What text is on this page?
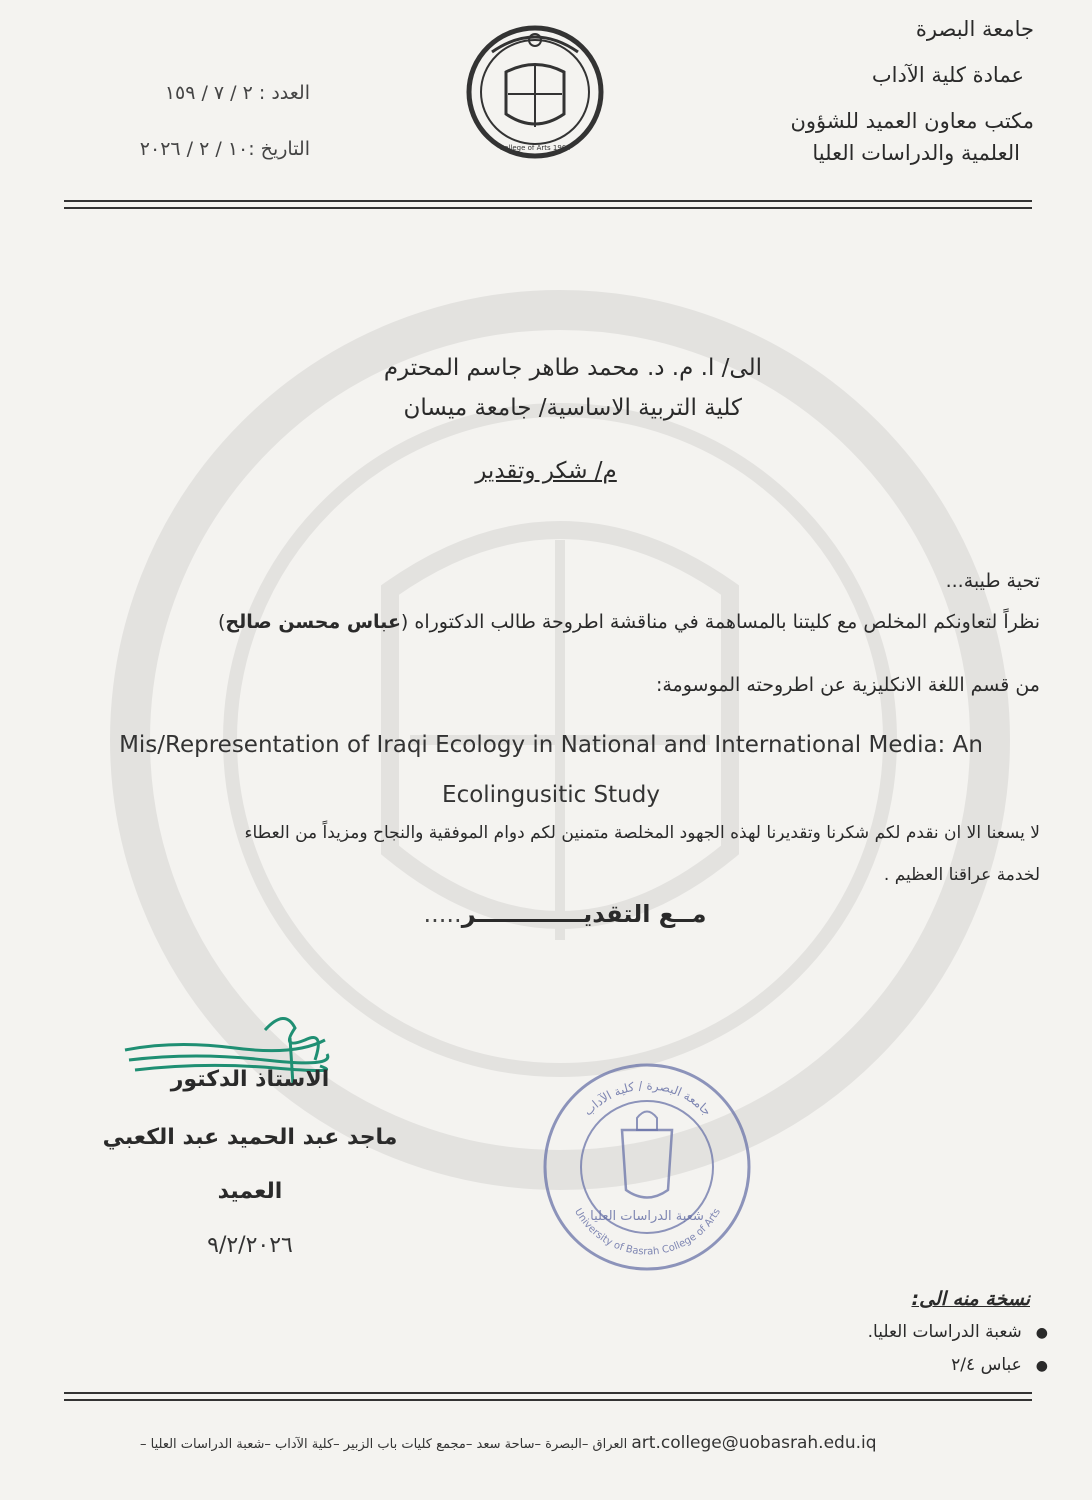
جامعة البصرة
عمادة كلية الآداب
مكتب معاون العميد للشؤون
العلمية والدراسات العليا
العدد : ٢ / ٧ / ١٥٩
التاريخ :١٠ / ٢ / ٢٠٢٦	College of Arts 1964
الى/ ا. م. د. محمد طاهر جاسم المحترم
كلية التربية الاساسية/ جامعة ميسان
م/ شكر وتقدير
تحية طيبة...
نظراً لتعاونكم المخلص مع كليتنا بالمساهمة في مناقشة اطروحة طالب الدكتوراه (عباس محسن صالح)
من قسم اللغة الانكليزية عن اطروحته الموسومة:
Mis/Representation of Iraqi Ecology in National and International Media: An
Ecolingusitic Study
لا يسعنا الا ان نقدم لكم شكرنا وتقديرنا لهذه الجهود المخلصة متمنين لكم دوام الموفقية والنجاح ومزيداً من العطاء
لخدمة عراقنا العظيم .
مــع التقديـــــــــــــر.....
الاستاذ الدكتور
ماجد عبد الحميد عبد الكعبي
العميد
٩/٢/٢٠٢٦
جامعة البصرة / كلية الآداب
شعبة الدراسات العليا
University of Basrah College of Arts
نسخة منه الى:
●شعبة الدراسات العليا.
●عباس ٢/٤
العراق –البصرة –ساحة سعد –مجمع كليات باب الزبير –كلية الآداب –شعبة الدراسات العليا – art.college@uobasrah.edu.iq
